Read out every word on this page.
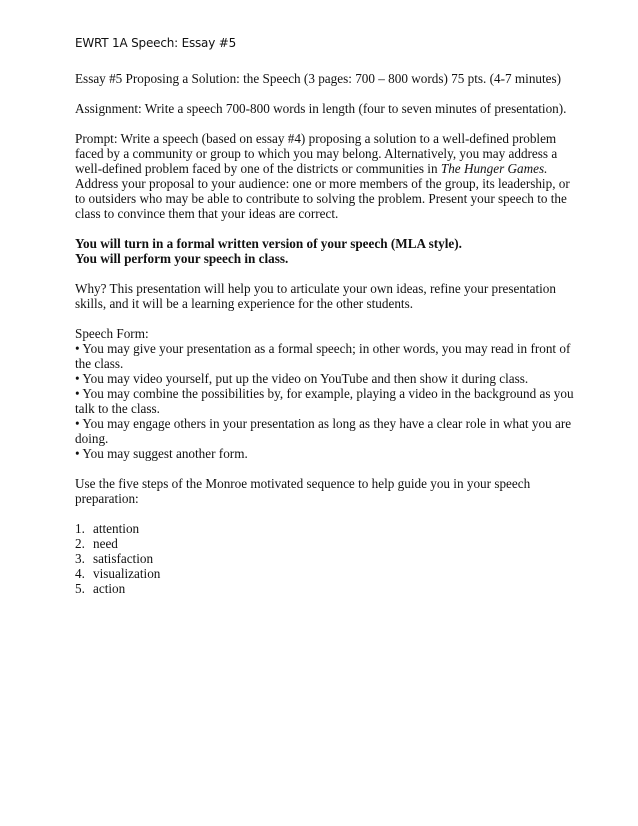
EWRT 1A Speech: Essay #5

Essay #5 Proposing a Solution: the Speech (3 pages: 700 – 800 words) 75 pts. (4-7 minutes)

Assignment: Write a speech 700-800 words in length (four to seven minutes of presentation).

Prompt: Write a speech (based on essay #4) proposing a solution to a well-defined problem faced by a community or group to which you may belong. Alternatively, you may address a well-defined problem faced by one of the districts or communities in The Hunger Games. Address your proposal to your audience: one or more members of the group, its leadership, or to outsiders who may be able to contribute to solving the problem. Present your speech to the class to convince them that your ideas are correct.

You will turn in a formal written version of your speech (MLA style).

You will perform your speech in class.

Why? This presentation will help you to articulate your own ideas, refine your presentation skills, and it will be a learning experience for the other students.

Speech Form:

• You may give your presentation as a formal speech; in other words, you may read in front of the class.

• You may video yourself, put up the video on YouTube and then show it during class.

• You may combine the possibilities by, for example, playing a video in the background as you talk to the class.

• You may engage others in your presentation as long as they have a clear role in what you are doing.

• You may suggest another form.

Use the five steps of the Monroe motivated sequence to help guide you in your speech preparation:

1. attention
2. need
3. satisfaction
4. visualization
5. action
